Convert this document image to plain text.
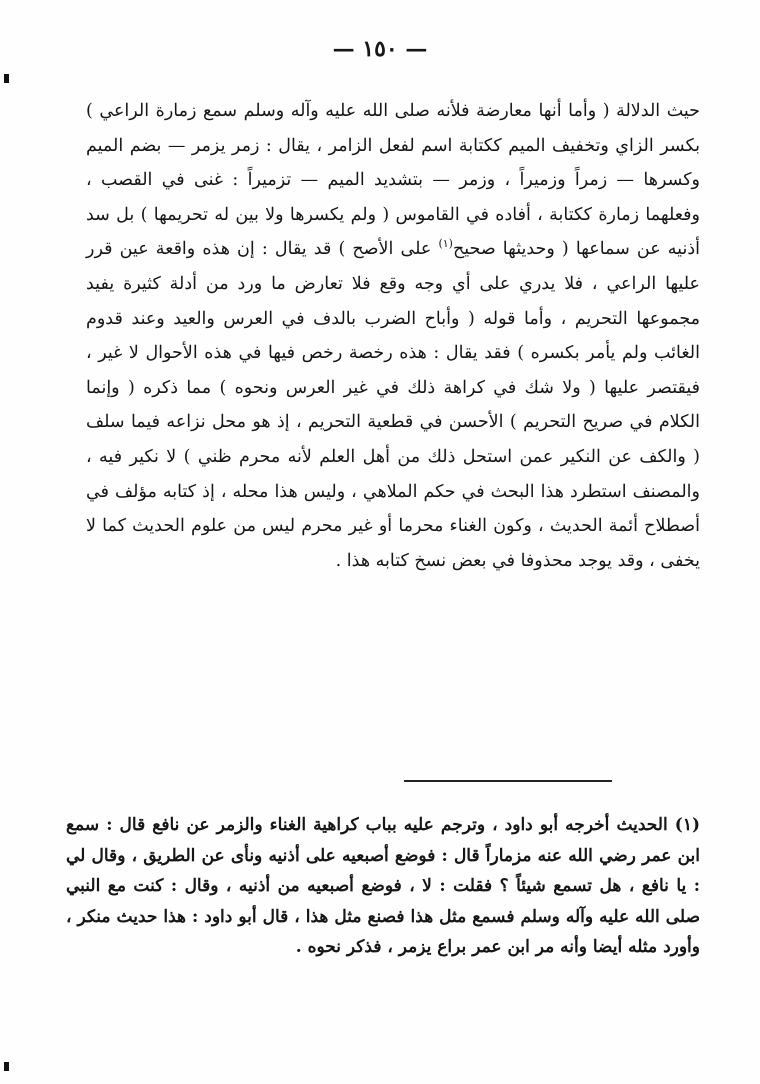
— ١٥٠ —

حيث الدلالة ( وأما أنها معارضة فلأنه صلى الله عليه وآله وسلم سمع زمارة الراعي ) بكسر الزاي وتخفيف الميم ككتابة اسم لفعل الزامر ، يقال : زمر يزمر — بضم الميم وكسرها — زمراً وزميراً ، وزمر — بتشديد الميم — تزميراً : غنى في القصب ، وفعلهما زمارة ككتابة ، أفاده في القاموس ( ولم يكسرها ولا بين له تحريمها ) بل سد أذنيه عن سماعها ( وحديثها صحيح$^{(١)}$ على الأصح ) قد يقال : إن هذه واقعة عين قرر عليها الراعي ، فلا يدري على أي وجه وقع فلا تعارض ما ورد من أدلة كثيرة يفيد مجموعها التحريم ، وأما قوله ( وأباح الضرب بالدف في العرس والعيد وعند قدوم الغائب ولم يأمر بكسره ) فقد يقال : هذه رخصة رخص فيها في هذه الأحوال لا غير ، فيقتصر عليها ( ولا شك في كراهة ذلك في غير العرس ونحوه ) مما ذكره ( وإنما الكلام في صريح التحريم ) الأحسن في قطعية التحريم ، إذ هو محل نزاعه فيما سلف ( والكف عن النكير عمن استحل ذلك من أهل العلم لأنه محرم ظني ) لا نكير فيه ، والمصنف استطرد هذا البحث في حكم الملاهي ، وليس هذا محله ، إذ كتابه مؤلف في أصطلاح أئمة الحديث ، وكون الغناء محرما أو غير محرم ليس من علوم الحديث كما لا يخفى ، وقد يوجد محذوفا في بعض نسخ كتابه هذا .

(١) الحديث أخرجه أبو داود ، وترجم عليه بباب كراهية الغناء والزمر عن نافع قال : سمع ابن عمر رضي الله عنه مزماراً قال : فوضع أصبعيه على أذنيه ونأى عن الطريق ، وقال لي : يا نافع ، هل تسمع شيئاً ؟ فقلت : لا ، فوضع أصبعيه من أذنيه ، وقال : كنت مع النبي صلى الله عليه وآله وسلم فسمع مثل هذا فصنع مثل هذا ، قال أبو داود : هذا حديث منكر ، وأورد مثله أيضا وأنه مر ابن عمر براع يزمر ، فذكر نحوه .
